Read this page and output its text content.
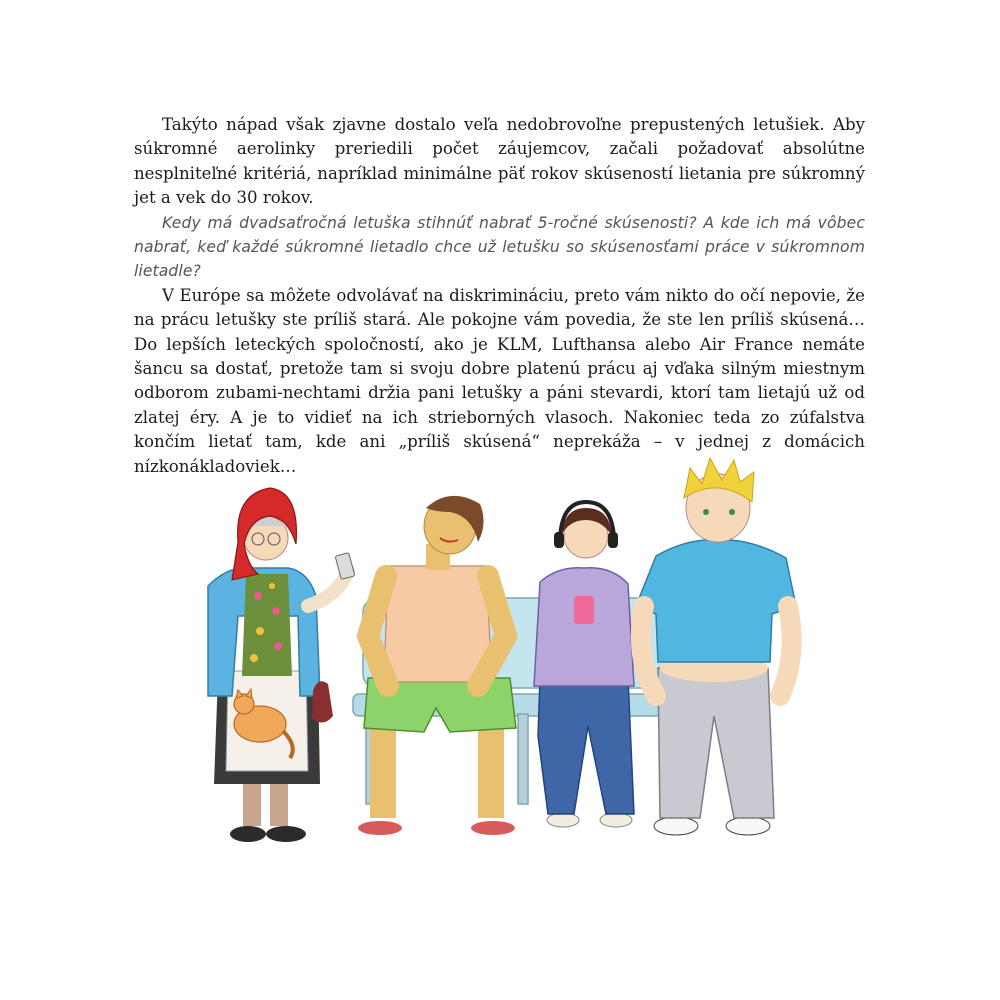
Takýto nápad však zjavne dostalo veľa nedobrovoľne prepustených letušiek. Aby súkromné aerolinky preriedili počet záujemcov, začali požadovať absolútne nesplniteľné kritériá, napríklad minimálne päť rokov skúseností lietania pre súkromný jet a vek do 30 rokov.

Kedy má dvadsaťročná letuška stihnúť nabrať 5-ročné skúsenosti? A kde ich má vôbec nabrať, keď každé súkromné lietadlo chce už letušku so skúsenosťami práce v súkromnom lietadle?

V Európe sa môžete odvolávať na diskrimináciu, preto vám nikto do očí nepovie, že na prácu letušky ste príliš stará. Ale pokojne vám povedia, že ste len príliš skúsená… Do lepších leteckých spoločností, ako je KLM, Lufthansa alebo Air France nemáte šancu sa dostať, pretože tam si svoju dobre platenú prácu aj vďaka silným miestnym odborom zubami-nechtami držia pani letušky a páni stevardi, ktorí tam lietajú už od zlatej éry. A je to vidieť na ich strieborných vlasoch. Nakoniec teda zo zúfalstva končím lietať tam, kde ani „príliš skúsená“ neprekáža – v jednej z domácich nízkonákladoviek…
